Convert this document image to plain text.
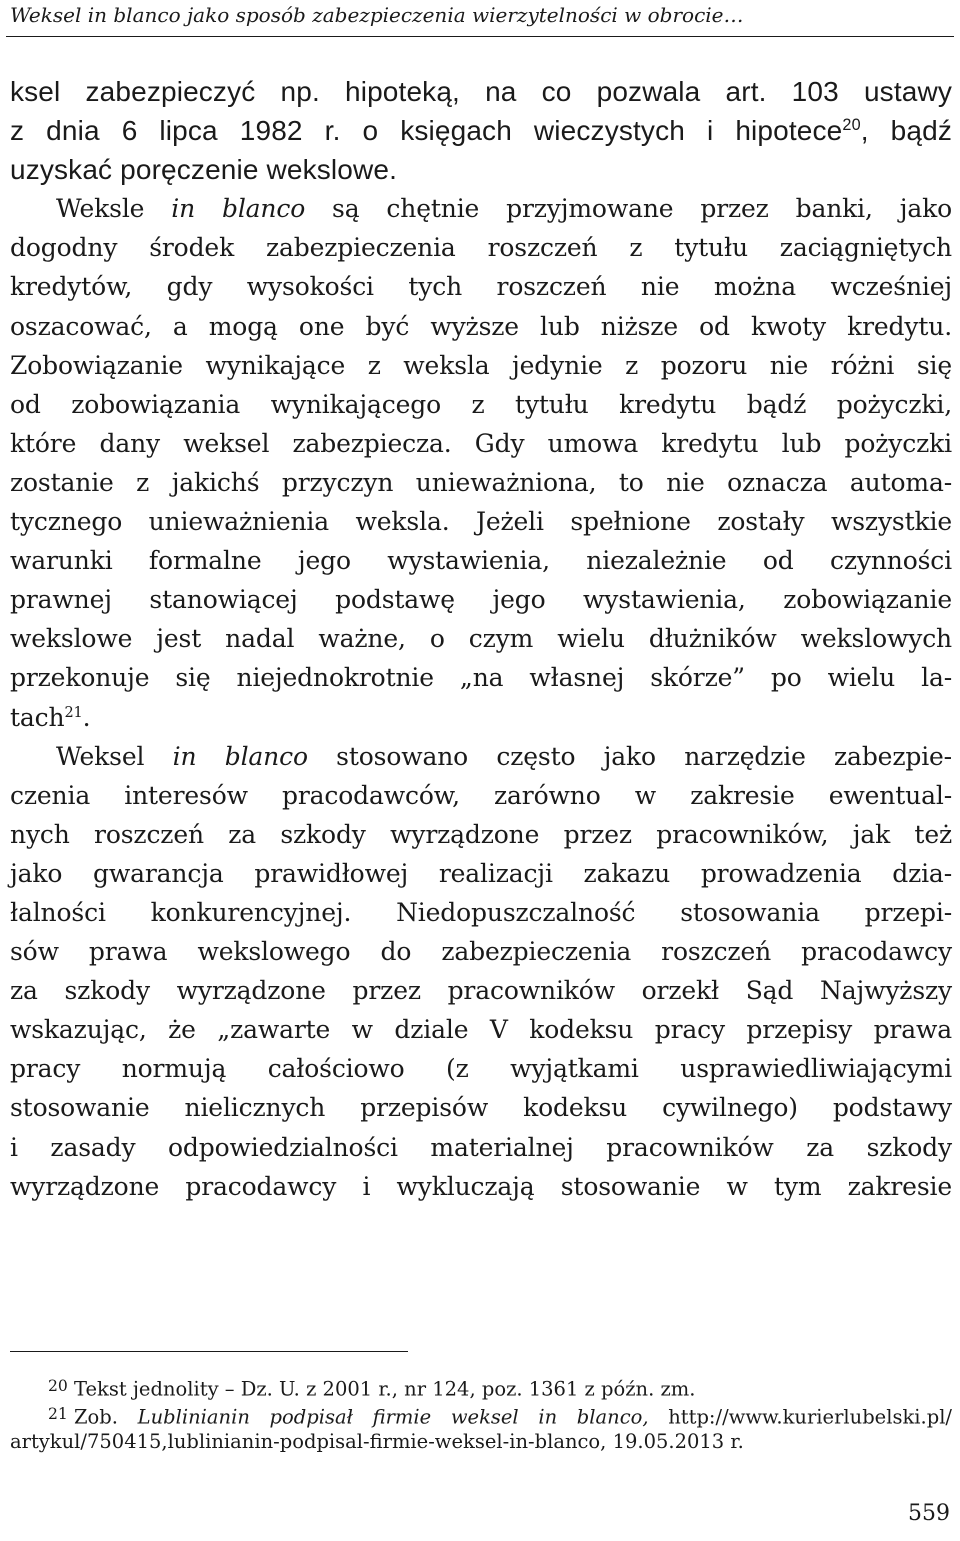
Weksel in blanco jako sposób zabezpieczenia wierzytelności w obrocie…
ksel zabezpieczyć np. hipoteką, na co pozwala art. 103 ustawy
z dnia 6 lipca 1982 r. o księgach wieczystych i hipotece$^{20}$, bądź
uzyskać poręczenie wekslowe.
Weksle in blanco są chętnie przyjmowane przez banki, jako
dogodny środek zabezpieczenia roszczeń z tytułu zaciągniętych
kredytów, gdy wysokości tych roszczeń nie można wcześniej
oszacować, a mogą one być wyższe lub niższe od kwoty kredytu.
Zobowiązanie wynikające z weksla jedynie z pozoru nie różni się
od zobowiązania wynikającego z tytułu kredytu bądź pożyczki,
które dany weksel zabezpiecza. Gdy umowa kredytu lub pożyczki
zostanie z jakichś przyczyn unieważniona, to nie oznacza automa-
tycznego unieważnienia weksla. Jeżeli spełnione zostały wszystkie
warunki formalne jego wystawienia, niezależnie od czynności
prawnej stanowiącej podstawę jego wystawienia, zobowiązanie
wekslowe jest nadal ważne, o czym wielu dłużników wekslowych
przekonuje się niejednokrotnie „na własnej skórze” po wielu la-
tach$^{21}$.
Weksel in blanco stosowano często jako narzędzie zabezpie-
czenia interesów pracodawców, zarówno w zakresie ewentual-
nych roszczeń za szkody wyrządzone przez pracowników, jak też
jako gwarancja prawidłowej realizacji zakazu prowadzenia dzia-
łalności konkurencyjnej. Niedopuszczalność stosowania przepi-
sów prawa wekslowego do zabezpieczenia roszczeń pracodawcy
za szkody wyrządzone przez pracowników orzekł Sąd Najwyższy
wskazując, że „zawarte w dziale V kodeksu pracy przepisy prawa
pracy normują całościowo (z wyjątkami usprawiedliwiającymi
stosowanie nielicznych przepisów kodeksu cywilnego) podstawy
i zasady odpowiedzialności materialnej pracowników za szkody
wyrządzone pracodawcy i wykluczają stosowanie w tym zakresie
20 Tekst jednolity – Dz. U. z 2001 r., nr 124, poz. 1361 z późn. zm.
21 Zob. Lublinianin podpisał firmie weksel in blanco, http://www.kurierlubelski.pl/
artykul/750415,lublinianin-podpisal-firmie-weksel-in-blanco, 19.05.2013 r.
559
